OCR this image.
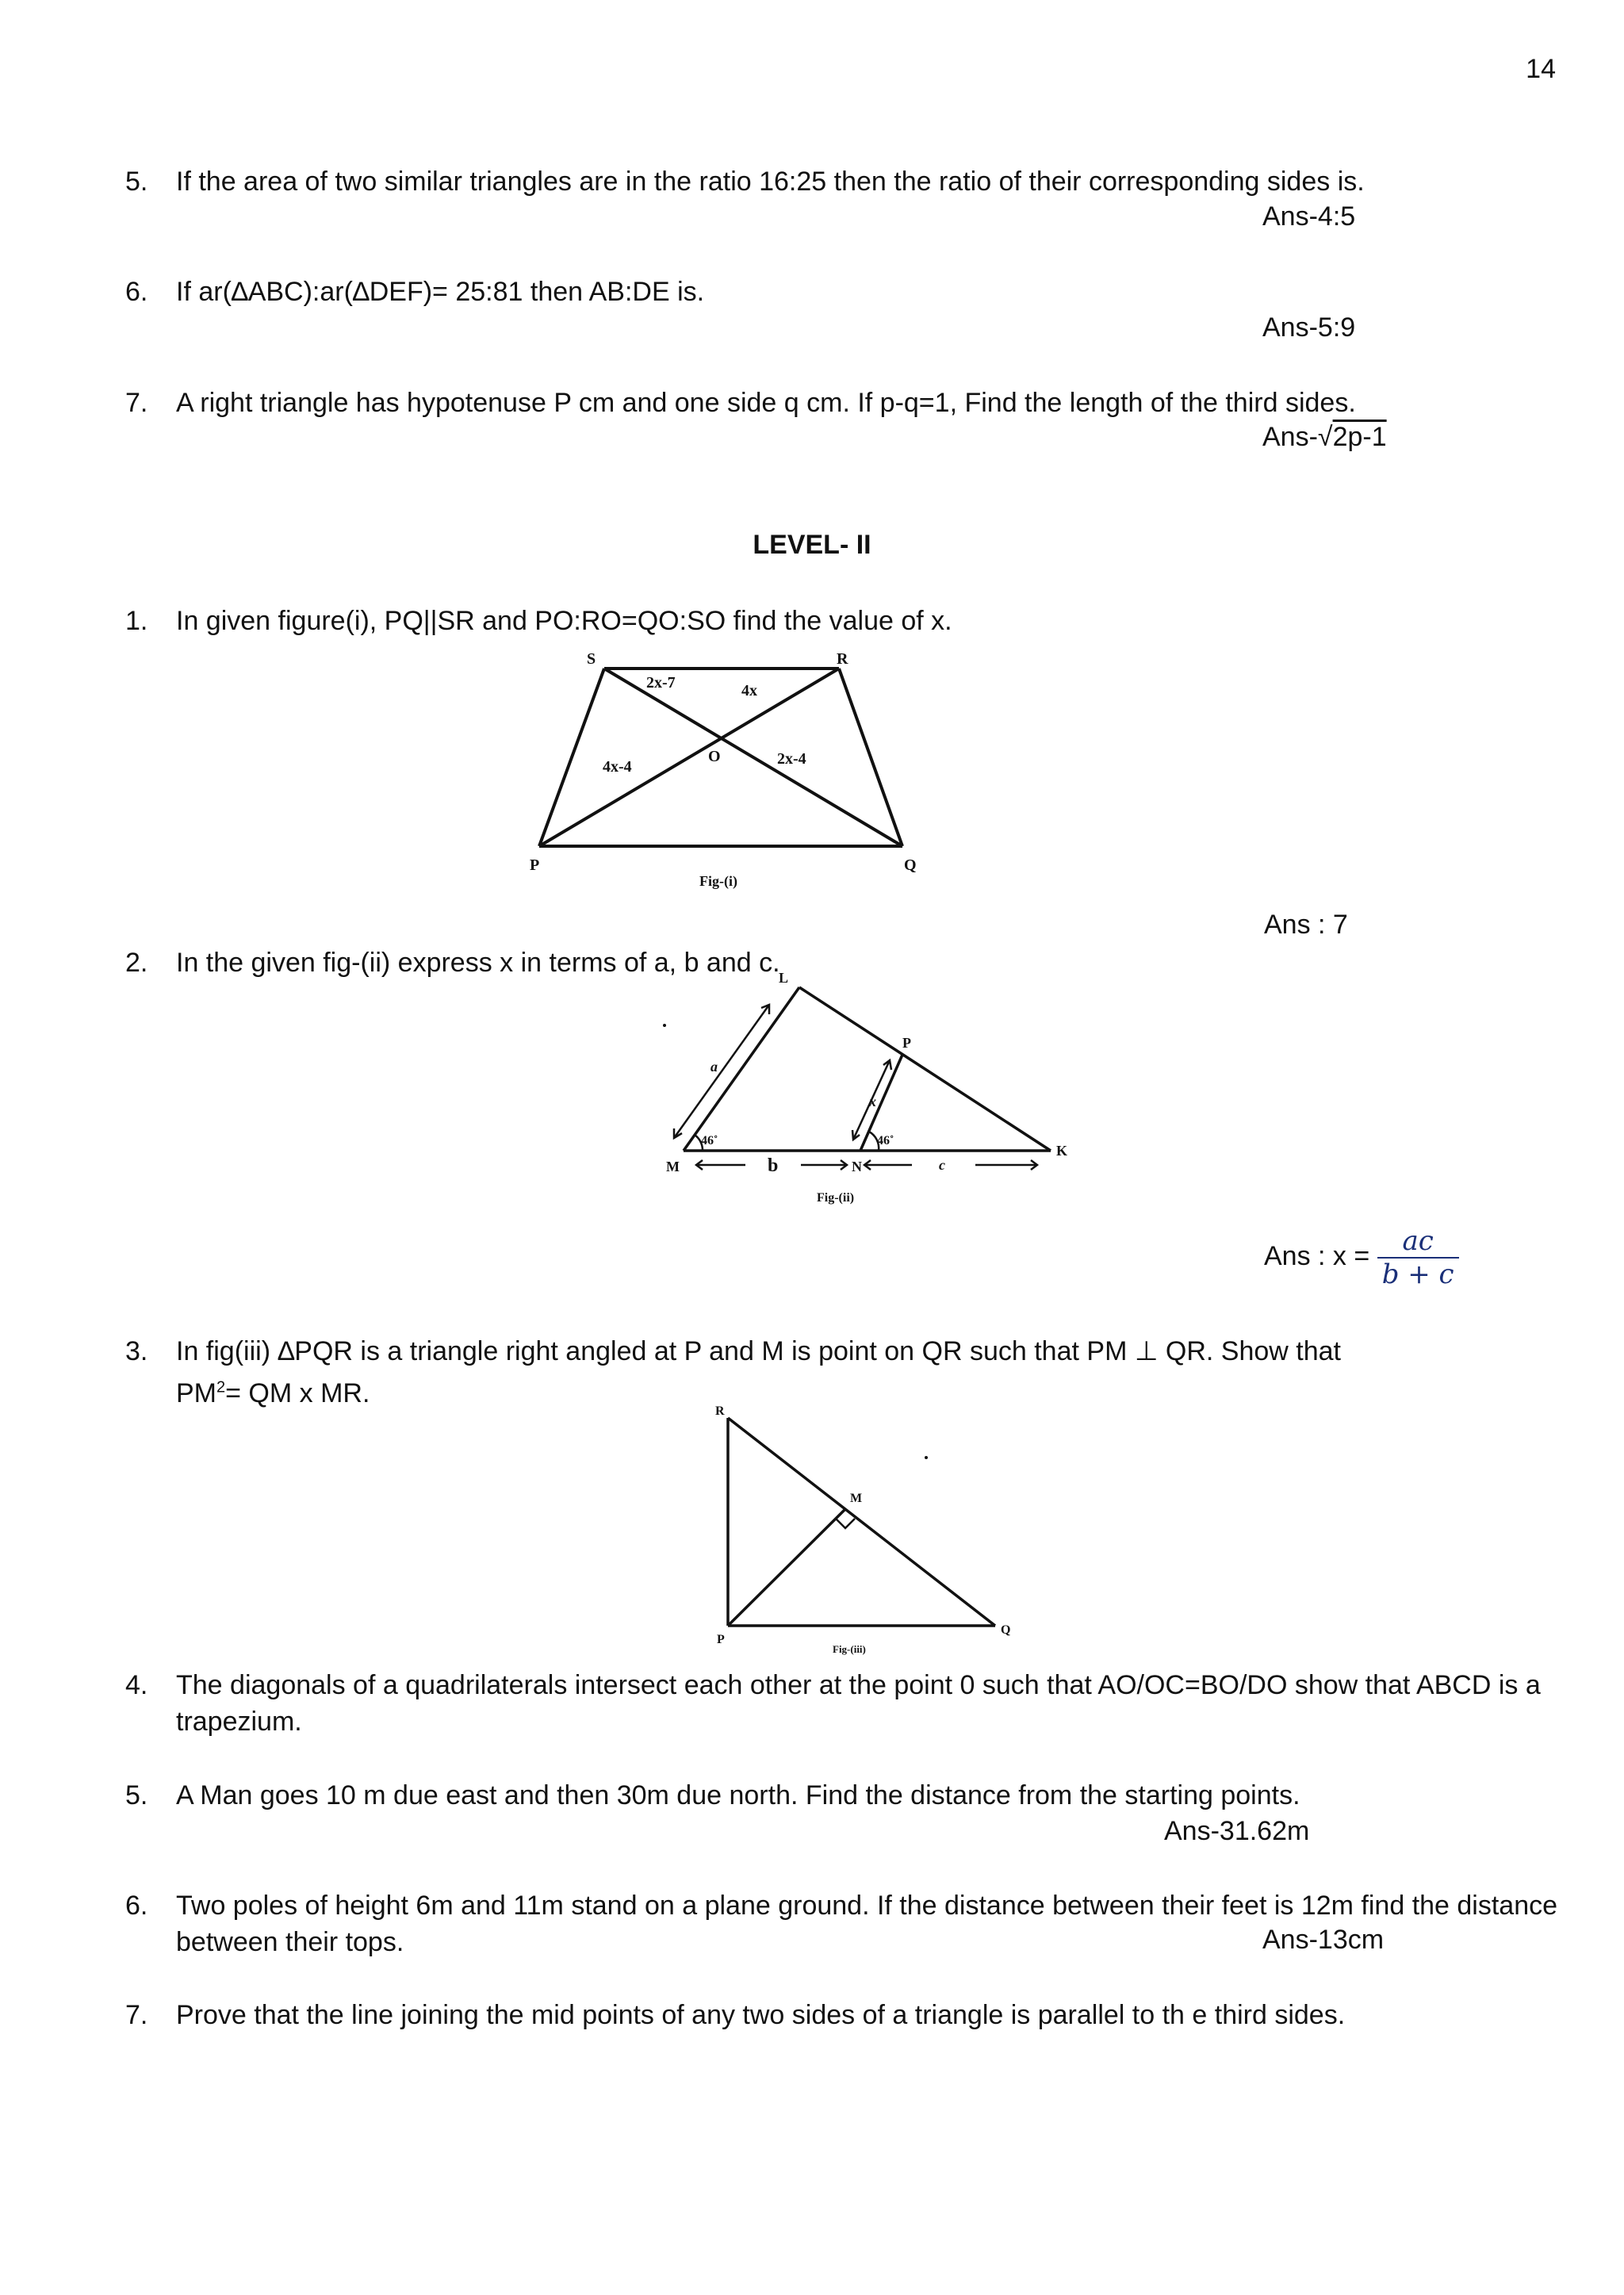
14
5. If the area of two similar triangles are in the ratio 16:25 then the ratio of their corresponding sides is.
Ans-4:5
6. If ar(∆ABC):ar(∆DEF)= 25:81 then AB:DE is.
Ans-5:9
7. A right triangle has hypotenuse P cm and one side q cm. If p-q=1, Find the length of the third sides.
Ans-√2p-1
LEVEL- II
1. In given figure(i), PQ||SR and PO:RO=QO:SO find the value of x.
S	R
P	Q
O
2x-7	4x
4x-4	2x-4
Fig-(i)
Ans : 7
2. In the given fig-(ii) express x in terms of a, b and c.
L
P
M	N
K
a
x
b	c
46˚	46˚
Fig-(ii)
Ans : $x = \frac{ac}{b + c}$
3. In fig(iii) ∆PQR is a triangle right angled at P and M is point on QR such that PM ⊥ QR. Show that
$PM^2=$ QM x MR.
R
M
P
Q
Fig-(iii)
4. The diagonals of a quadrilaterals intersect each other at the point 0 such that AO/OC=BO/DO show that ABCD is a trapezium.
5. A Man goes 10 m due east and then 30m due north. Find the distance from the starting points.
Ans-31.62m
6. Two poles of height 6m and 11m stand on a plane ground. If the distance between their feet is 12m find the distance between their tops.	Ans-13cm
7. Prove that the line joining the mid points of any two sides of a triangle is parallel to th e third sides.
